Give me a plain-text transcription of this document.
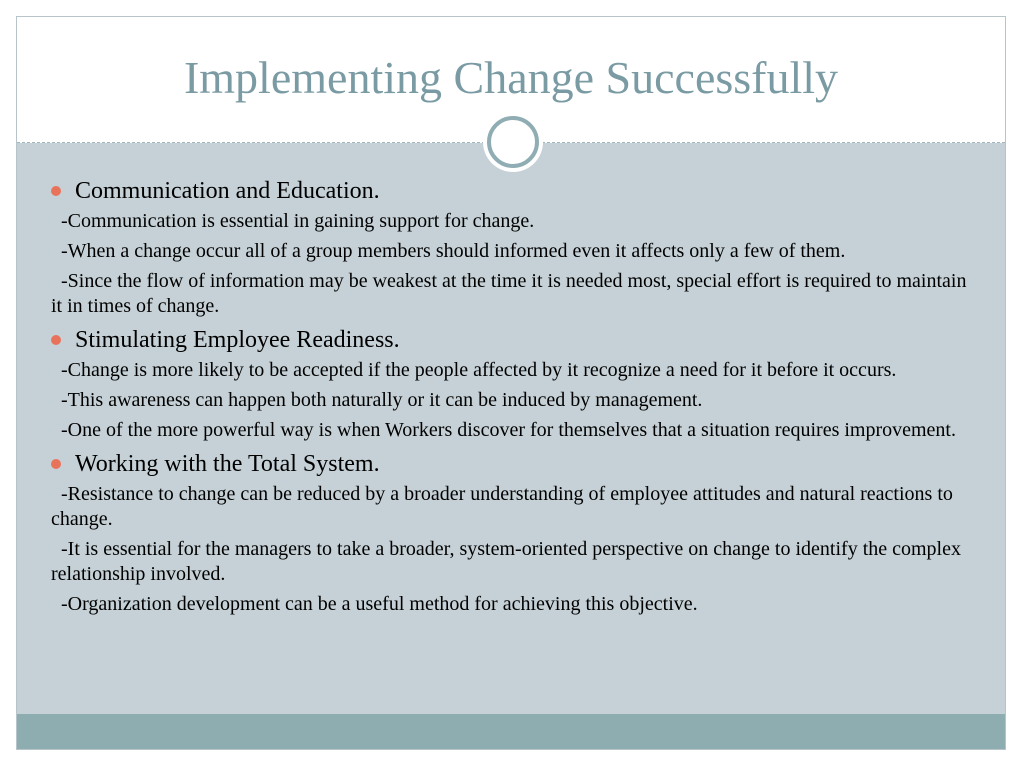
Implementing Change Successfully

Communication and Education.

-Communication is essential in gaining support for change.

-When a change occur all of a group members should informed even it affects only a few of them.

-Since the flow of information may be weakest at the time it is needed most, special effort is required to maintain it in times of change.

Stimulating Employee Readiness.

-Change is more likely to be accepted if the people affected by it recognize a need for it before it occurs.

-This awareness can happen both naturally or it can be induced by management.

-One of the more powerful way is when Workers discover for themselves that a situation requires improvement.

Working with the Total System.

-Resistance to change can be reduced by a broader understanding of employee attitudes and natural reactions to change.

-It is essential for the managers to take a broader, system-oriented perspective on change to identify the complex relationship involved.

-Organization development can be a useful method for achieving this objective.
